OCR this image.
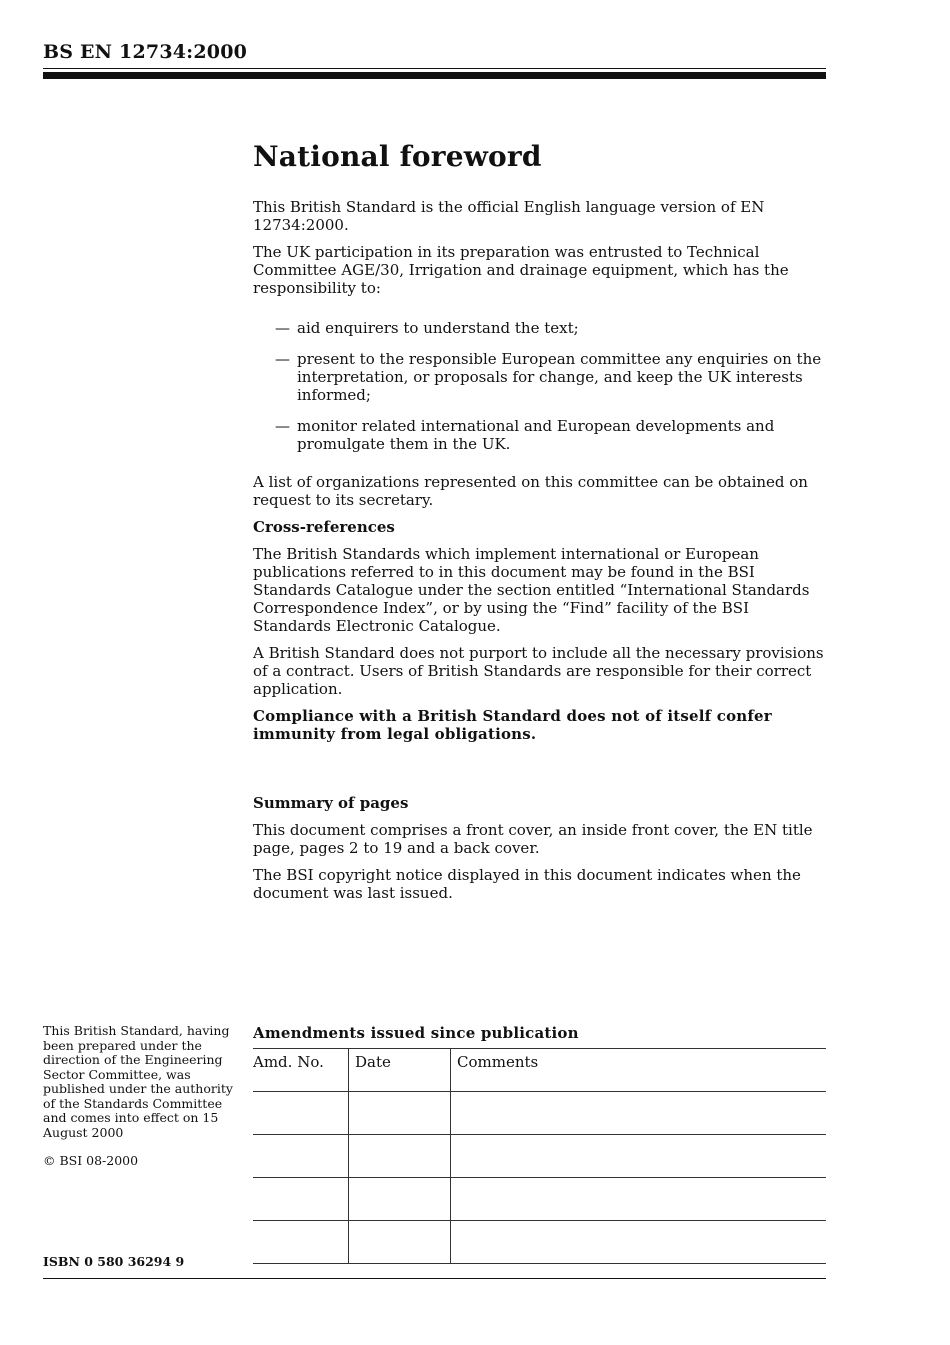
BS EN 12734:2000
National foreword

This British Standard is the official English language version of EN 12734:2000.

The UK participation in its preparation was entrusted to Technical Committee AGE/30, Irrigation and drainage equipment, which has the responsibility to:

— aid enquirers to understand the text;
— present to the responsible European committee any enquiries on the interpretation, or proposals for change, and keep the UK interests informed;
— monitor related international and European developments and promulgate them in the UK.

A list of organizations represented on this committee can be obtained on request to its secretary.

Cross-references

The British Standards which implement international or European publications referred to in this document may be found in the BSI Standards Catalogue under the section entitled “International Standards Correspondence Index”, or by using the “Find” facility of the BSI Standards Electronic Catalogue.

A British Standard does not purport to include all the necessary provisions of a contract. Users of British Standards are responsible for their correct application.

Compliance with a British Standard does not of itself confer immunity from legal obligations.

Summary of pages

This document comprises a front cover, an inside front cover, the EN title page, pages 2 to 19 and a back cover.

The BSI copyright notice displayed in this document indicates when the document was last issued.

This British Standard, having been prepared under the direction of the Engineering Sector Committee, was published under the authority of the Standards Committee and comes into effect on 15 August 2000
© BSI 08-2000
ISBN 0 580 36294 9
Amendments issued since publication
Amd. No.	Date	Comments
